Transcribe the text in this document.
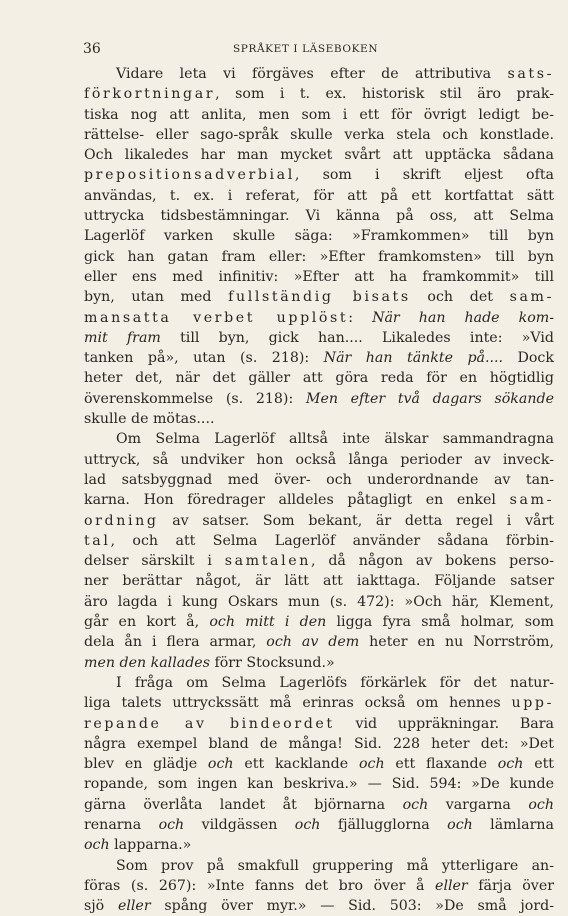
36	SPRÅKET I LÄSEBOKEN
Vidare leta vi förgäves efter de attributiva sats-
förkortningar, som i t. ex. historisk stil äro prak-
tiska nog att anlita, men som i ett för övrigt ledigt be-
rättelse- eller sago-språk skulle verka stela och konstlade.
Och likaledes har man mycket svårt att upptäcka sådana
prepositionsadverbial, som i skrift eljest ofta
användas, t. ex. i referat, för att på ett kortfattat sätt
uttrycka tidsbestämningar. Vi känna på oss, att Selma
Lagerlöf varken skulle säga: »Framkommen» till byn
gick han gatan fram eller: »Efter framkomsten» till byn
eller ens med infinitiv: »Efter att ha framkommit» till
byn, utan med fullständig bisats och det sam-
mansatta verbet upplöst: När han hade kom-
mit fram till byn, gick han.... Likaledes inte: »Vid
tanken på», utan (s. 218): När han tänkte på.... Dock
heter det, när det gäller att göra reda för en högtidlig
överenskommelse (s. 218): Men efter två dagars sökande
skulle de mötas....
Om Selma Lagerlöf alltså inte älskar sammandragna
uttryck, så undviker hon också långa perioder av inveck-
lad satsbyggnad med över- och underordnande av tan-
karna. Hon föredrager alldeles påtagligt en enkel sam-
ordning av satser. Som bekant, är detta regel i vårt
tal, och att Selma Lagerlöf använder sådana förbin-
delser särskilt i samtalen, då någon av bokens perso-
ner berättar något, är lätt att iakttaga. Följande satser
äro lagda i kung Oskars mun (s. 472): »Och här, Klement,
går en kort å, och mitt i den ligga fyra små holmar, som
dela ån i flera armar, och av dem heter en nu Norrström,
men den kallades förr Stocksund.»
I fråga om Selma Lagerlöfs förkärlek för det natur-
liga talets uttryckssätt må erinras också om hennes upp-
repande av bindeordet vid uppräkningar. Bara
några exempel bland de många! Sid. 228 heter det: »Det
blev en glädje och ett kacklande och ett flaxande och ett
ropande, som ingen kan beskriva.» — Sid. 594: »De kunde
gärna överlåta landet åt björnarna och vargarna och
renarna och vildgässen och fjällugglorna och lämlarna
och lapparna.»
Som prov på smakfull gruppering må ytterligare an-
föras (s. 267): »Inte fanns det bro över å eller färja över
sjö eller spång över myr.» — Sid. 503: »De små jord-
